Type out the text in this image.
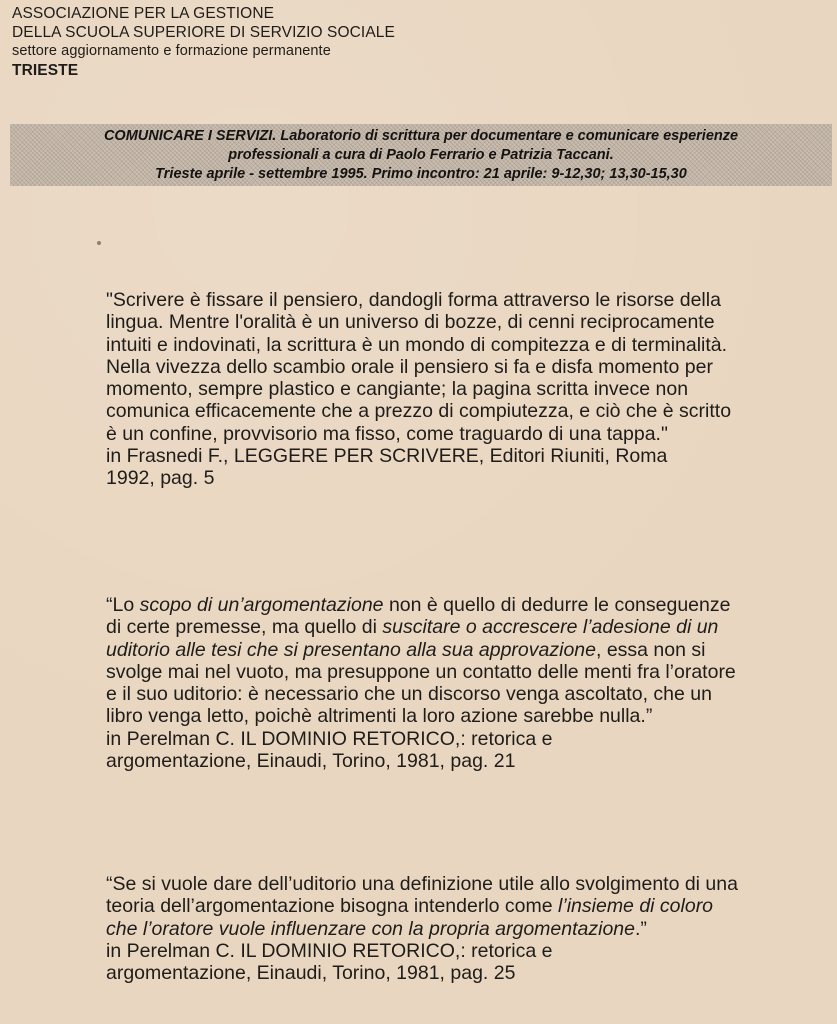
ASSOCIAZIONE PER LA GESTIONE
DELLA SCUOLA SUPERIORE DI SERVIZIO SOCIALE
settore aggiornamento e formazione permanente
TRIESTE
COMUNICARE I SERVIZI. Laboratorio di scrittura per documentare e comunicare esperienze
professionali a cura di Paolo Ferrario e Patrizia Taccani.
Trieste aprile - settembre 1995. Primo incontro: 21 aprile: 9-12,30; 13,30-15,30

"Scrivere è fissare il pensiero, dandogli forma attraverso le risorse della lingua. Mentre l'oralità è un universo di bozze, di cenni reciprocamente intuiti e indovinati, la scrittura è un mondo di compitezza e di terminalità. Nella vivezza dello scambio orale il pensiero si fa e disfa momento per momento, sempre plastico e cangiante; la pagina scritta invece non comunica efficacemente che a prezzo di compiutezza, e ciò che è scritto è un confine, provvisorio ma fisso, come traguardo di una tappa."

in Frasnedi F., LEGGERE PER SCRIVERE, Editori Riuniti, Roma
1992, pag. 5

“Lo scopo di un’argomentazione non è quello di dedurre le conseguenze di certe premesse, ma quello di suscitare o accrescere l’adesione di un uditorio alle tesi che si presentano alla sua approvazione, essa non si svolge mai nel vuoto, ma presuppone un contatto delle menti fra l’oratore e il suo uditorio: è necessario che un discorso venga ascoltato, che un libro venga letto, poichè altrimenti la loro azione sarebbe nulla.”

in Perelman C. IL DOMINIO RETORICO,: retorica e
argomentazione, Einaudi, Torino, 1981, pag. 21

“Se si vuole dare dell’uditorio una definizione utile allo svolgimento di una teoria dell’argomentazione bisogna intenderlo come l’insieme di coloro che l’oratore vuole influenzare con la propria argomentazione.”

in Perelman C. IL DOMINIO RETORICO,: retorica e
argomentazione, Einaudi, Torino, 1981, pag. 25
